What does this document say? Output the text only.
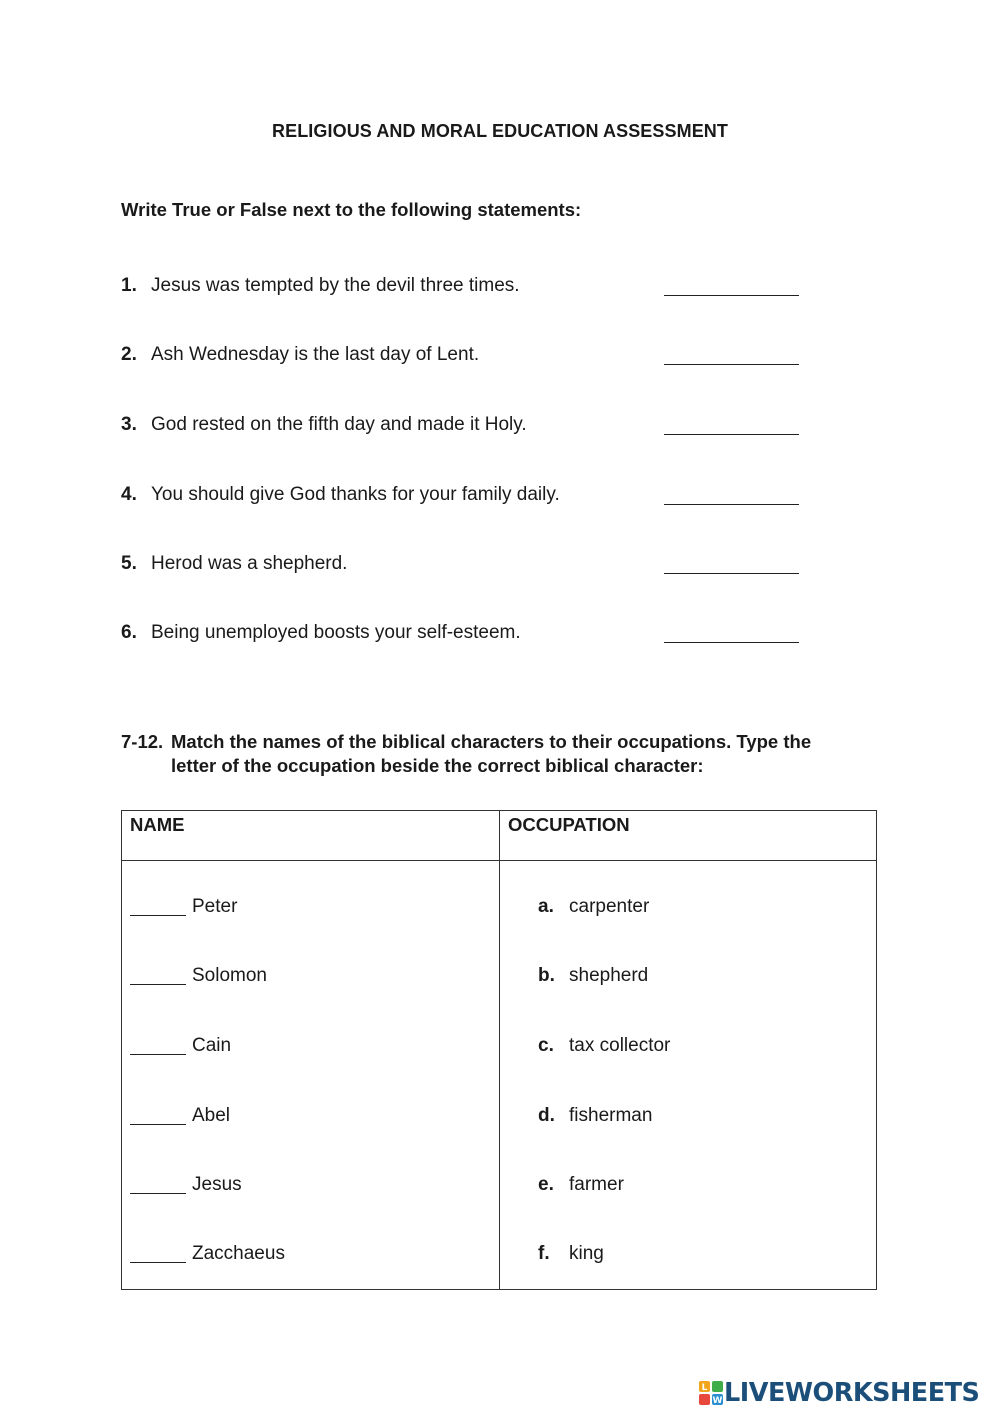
RELIGIOUS AND MORAL EDUCATION ASSESSMENT
Write True or False next to the following statements:
1. Jesus was tempted by the devil three times.
2. Ash Wednesday is the last day of Lent.
3. God rested on the fifth day and made it Holy.
4. You should give God thanks for your family daily.
5. Herod was a shepherd.
6. Being unemployed boosts your self-esteem.
7-12. Match the names of the biblical characters to their occupations. Type the
letter of the occupation beside the correct biblical character:
NAME	OCCUPATION
Peter
Solomon
Cain
Abel
Jesus
Zacchaeus
a. carpenter
b. shepherd
c. tax collector
d. fisherman
e. farmer
f. king
L
W LIVEWORKSHEETS
